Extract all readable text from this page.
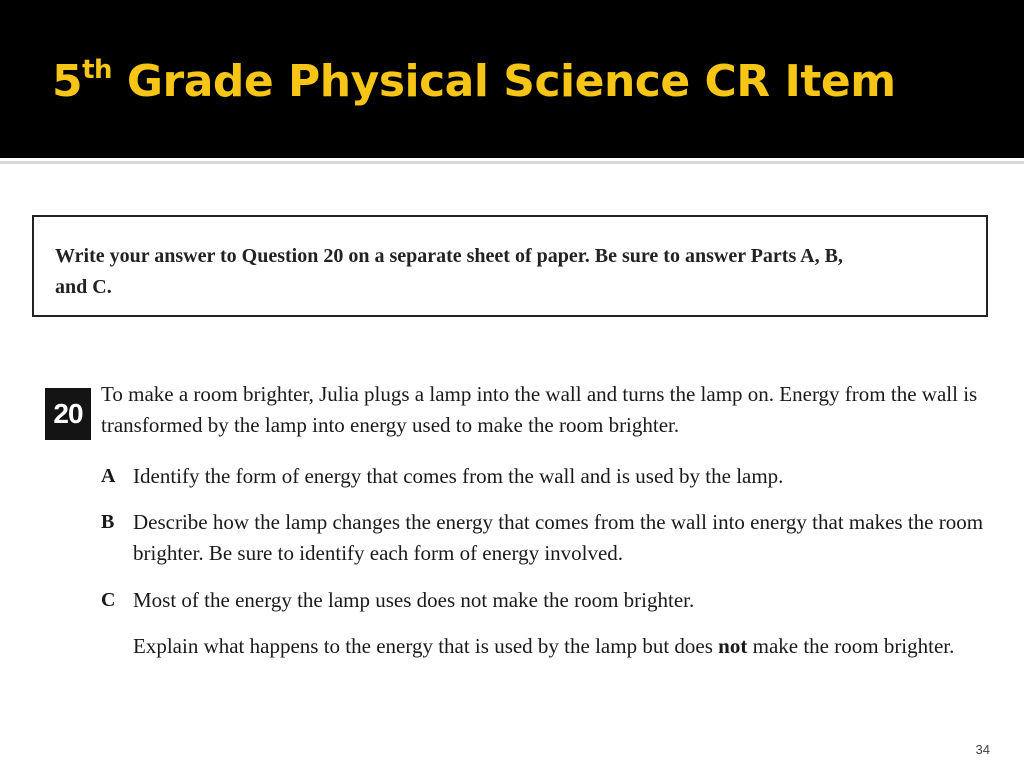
5th Grade Physical Science CR Item

Write your answer to Question 20 on a separate sheet of paper. Be sure to answer Parts A, B, and C.

20

To make a room brighter, Julia plugs a lamp into the wall and turns the lamp on. Energy from the wall is transformed by the lamp into energy used to make the room brighter.

A Identify the form of energy that comes from the wall and is used by the lamp.

B Describe how the lamp changes the energy that comes from the wall into energy that makes the room brighter. Be sure to identify each form of energy involved.

C Most of the energy the lamp uses does not make the room brighter.

Explain what happens to the energy that is used by the lamp but does not make the room brighter.

34
